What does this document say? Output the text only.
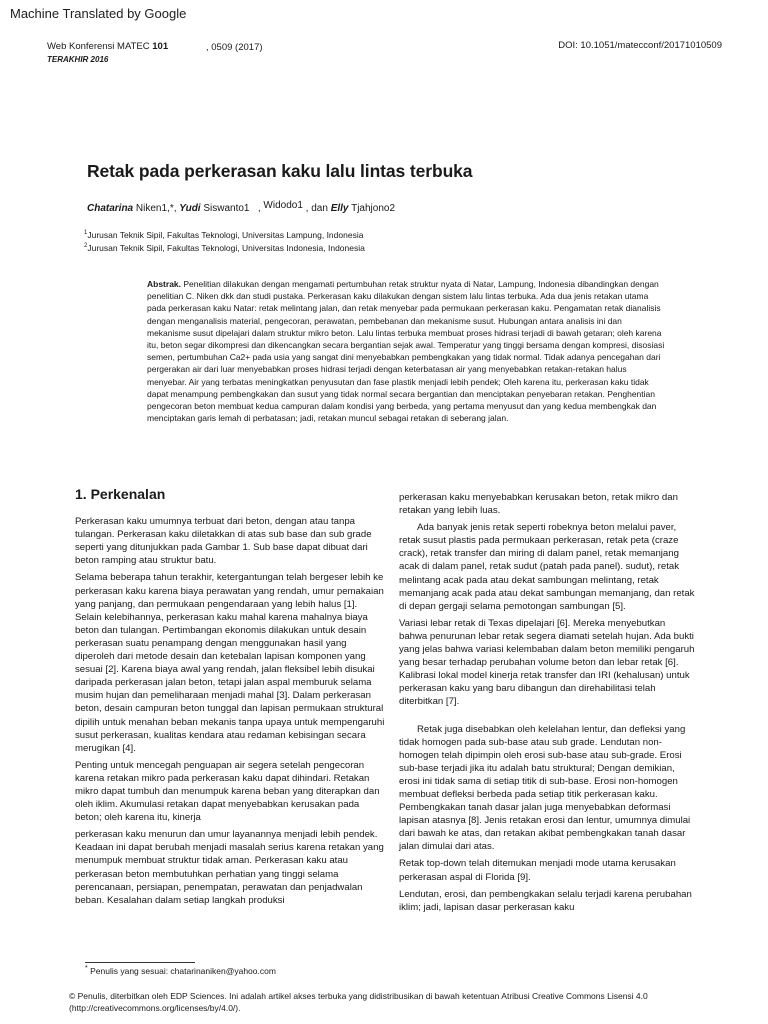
Machine Translated by Google
Web Konferensi MATEC 101
TERAKHIR 2016
, 0509 (2017)	DOI: 10.1051/matecconf/20171010509
Retak pada perkerasan kaku lalu lintas terbuka
Chatarina Niken1,*, Yudi Siswanto1 , Widodo1 , dan Elly Tjahjono2
$^1$Jurusan Teknik Sipil, Fakultas Teknologi, Universitas Lampung, Indonesia
$^2$Jurusan Teknik Sipil, Fakultas Teknologi, Universitas Indonesia, Indonesia

Abstrak. Penelitian dilakukan dengan mengamati pertumbuhan retak struktur nyata di Natar, Lampung, Indonesia dibandingkan dengan penelitian C. Niken dkk dan studi pustaka. Perkerasan kaku dilakukan dengan sistem lalu lintas terbuka. Ada dua jenis retakan utama pada perkerasan kaku Natar: retak melintang jalan, dan retak menyebar pada permukaan perkerasan kaku. Pengamatan retak dianalisis dengan menganalisis material, pengecoran, perawatan, pembebanan dan mekanisme susut. Hubungan antara analisis ini dan mekanisme susut dipelajari dalam struktur mikro beton. Lalu lintas terbuka membuat proses hidrasi terjadi di bawah getaran; oleh karena itu, beton segar dikompresi dan dikencangkan secara bergantian sejak awal. Temperatur yang tinggi bersama dengan kompresi, disosiasi semen, pertumbuhan Ca2+ pada usia yang sangat dini menyebabkan pembengkakan yang tidak normal. Tidak adanya pencegahan dari pergerakan air dari luar menyebabkan proses hidrasi terjadi dengan keterbatasan air yang menyebabkan retakan-retakan halus menyebar. Air yang terbatas meningkatkan penyusutan dan fase plastik menjadi lebih pendek; Oleh karena itu, perkerasan kaku tidak dapat menampung pembengkakan dan susut yang tidak normal secara bergantian dan menciptakan penyebaran retakan. Penghentian pengecoran beton membuat kedua campuran dalam kondisi yang berbeda, yang pertama menyusut dan yang kedua membengkak dan menciptakan garis lemah di perbatasan; jadi, retakan muncul sebagai retakan di seberang jalan.

1. Perkenalan

Perkerasan kaku umumnya terbuat dari beton, dengan atau tanpa tulangan. Perkerasan kaku diletakkan di atas sub base dan sub grade seperti yang ditunjukkan pada Gambar 1. Sub base dapat dibuat dari beton ramping atau struktur batu.

Selama beberapa tahun terakhir, ketergantungan telah bergeser lebih ke perkerasan kaku karena biaya perawatan yang rendah, umur pemakaian yang panjang, dan permukaan pengendaraan yang lebih halus [1]. Selain kelebihannya, perkerasan kaku mahal karena mahalnya biaya beton dan tulangan. Pertimbangan ekonomis dilakukan untuk desain perkerasan suatu penampang dengan menggunakan hasil yang diperoleh dari metode desain dan ketebalan lapisan komponen yang sesuai [2]. Karena biaya awal yang rendah, jalan fleksibel lebih disukai daripada perkerasan jalan beton, tetapi jalan aspal memburuk selama musim hujan dan pemeliharaan menjadi mahal [3]. Dalam perkerasan beton, desain campuran beton tunggal dan lapisan permukaan struktural dipilih untuk menahan beban mekanis tanpa upaya untuk mempengaruhi susut perkerasan, kualitas kendara atau redaman kebisingan secara merugikan [4].

Penting untuk mencegah penguapan air segera setelah pengecoran karena retakan mikro pada perkerasan kaku dapat dihindari. Retakan mikro dapat tumbuh dan menumpuk karena beban yang diterapkan dan oleh iklim. Akumulasi retakan dapat menyebabkan kerusakan pada beton; oleh karena itu, kinerja

perkerasan kaku menurun dan umur layanannya menjadi lebih pendek. Keadaan ini dapat berubah menjadi masalah serius karena retakan yang menumpuk membuat struktur tidak aman. Perkerasan kaku atau perkerasan beton membutuhkan perhatian yang tinggi selama perencanaan, persiapan, penempatan, perawatan dan penjadwalan beban. Kesalahan dalam setiap langkah produksi

perkerasan kaku menyebabkan kerusakan beton, retak mikro dan retakan yang lebih luas.

Ada banyak jenis retak seperti robeknya beton melalui paver, retak susut plastis pada permukaan perkerasan, retak peta (craze crack), retak transfer dan miring di dalam panel, retak memanjang acak di dalam panel, retak sudut (patah pada panel). sudut), retak melintang acak pada atau dekat sambungan melintang, retak memanjang acak pada atau dekat sambungan memanjang, dan retak di depan gergaji selama pemotongan sambungan [5].

Variasi lebar retak di Texas dipelajari [6]. Mereka menyebutkan bahwa penurunan lebar retak segera diamati setelah hujan. Ada bukti yang jelas bahwa variasi kelembaban dalam beton memiliki pengaruh yang besar terhadap perubahan volume beton dan lebar retak [6]. Kalibrasi lokal model kinerja retak transfer dan IRI (kehalusan) untuk perkerasan kaku yang baru dibangun dan direhabilitasi telah diterbitkan [7].

Retak juga disebabkan oleh kelelahan lentur, dan defleksi yang tidak homogen pada sub-base atau sub grade. Lendutan non-homogen telah dipimpin oleh erosi sub-base atau sub-grade. Erosi sub-base terjadi jika itu adalah batu struktural; Dengan demikian, erosi ini tidak sama di setiap titik di sub-base. Erosi non-homogen membuat defleksi berbeda pada setiap titik perkerasan kaku. Pembengkakan tanah dasar jalan juga menyebabkan deformasi lapisan atasnya [8]. Jenis retakan erosi dan lentur, umumnya dimulai dari bawah ke atas, dan retakan akibat pembengkakan tanah dasar jalan dimulai dari atas.

Retak top-down telah ditemukan menjadi mode utama kerusakan perkerasan aspal di Florida [9].

Lendutan, erosi, dan pembengkakan selalu terjadi karena perubahan iklim; jadi, lapisan dasar perkerasan kaku

* Penulis yang sesuai: chatarinaniken@yahoo.com

© Penulis, diterbitkan oleh EDP Sciences. Ini adalah artikel akses terbuka yang didistribusikan di bawah ketentuan Atribusi Creative Commons Lisensi 4.0 (http://creativecommons.org/licenses/by/4.0/).
